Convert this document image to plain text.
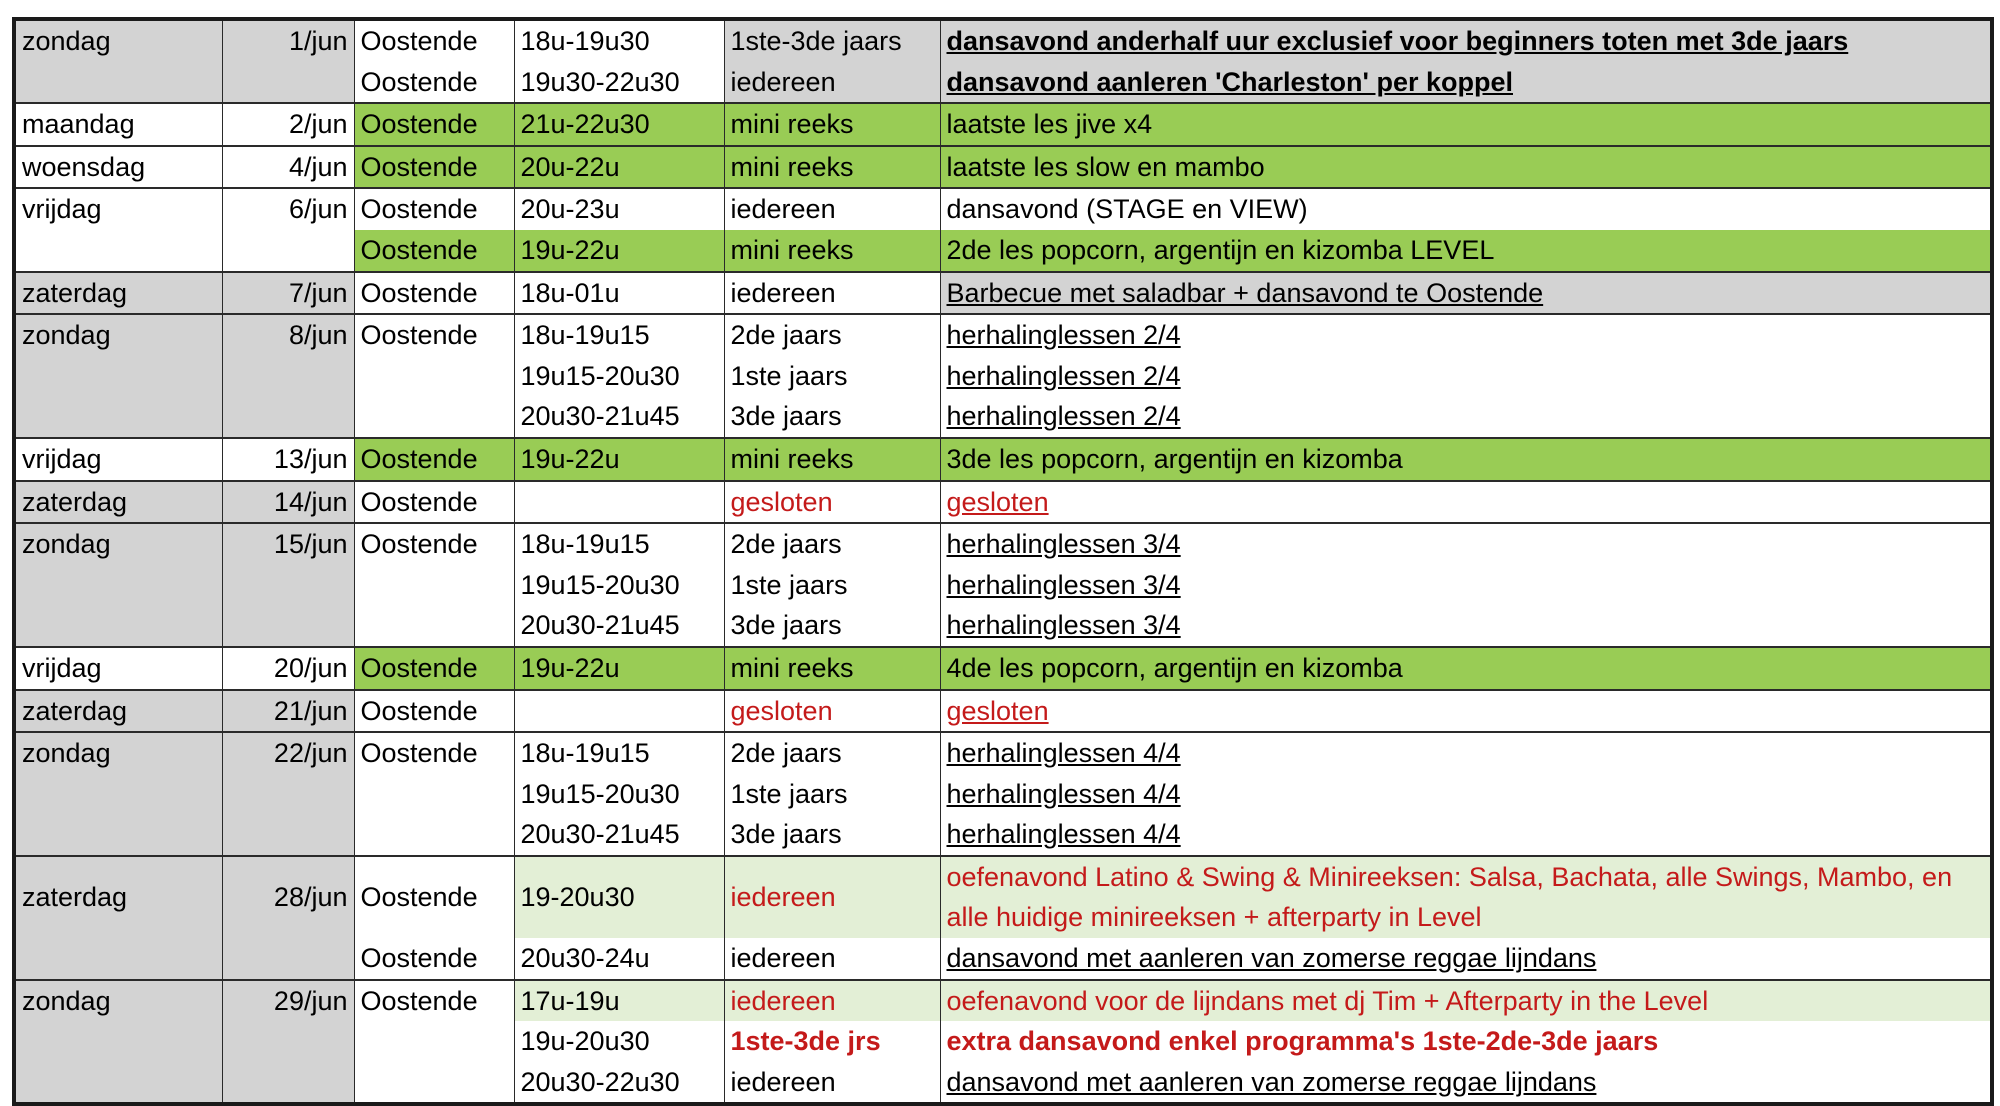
zondag	1/jun	Oostende	18u-19u30	1ste-3de jaars	dansavond anderhalf uur exclusief voor beginners toten met 3de jaars
		Oostende	19u30-22u30	iedereen	dansavond aanleren 'Charleston' per koppel
maandag	2/jun	Oostende	21u-22u30	mini reeks	laatste les jive x4
woensdag	4/jun	Oostende	20u-22u	mini reeks	laatste les slow en mambo
vrijdag	6/jun	Oostende	20u-23u	iedereen	dansavond (STAGE en VIEW)
		Oostende	19u-22u	mini reeks	2de les popcorn, argentijn en kizomba LEVEL
zaterdag	7/jun	Oostende	18u-01u	iedereen	Barbecue met saladbar + dansavond te Oostende
zondag	8/jun	Oostende	18u-19u15	2de jaars	herhalinglessen 2/4
			19u15-20u30	1ste jaars	herhalinglessen 2/4
			20u30-21u45	3de jaars	herhalinglessen 2/4
vrijdag	13/jun	Oostende	19u-22u	mini reeks	3de les popcorn, argentijn en kizomba
zaterdag	14/jun	Oostende		gesloten	gesloten
zondag	15/jun	Oostende	18u-19u15	2de jaars	herhalinglessen 3/4
			19u15-20u30	1ste jaars	herhalinglessen 3/4
			20u30-21u45	3de jaars	herhalinglessen 3/4
vrijdag	20/jun	Oostende	19u-22u	mini reeks	4de les popcorn, argentijn en kizomba
zaterdag	21/jun	Oostende		gesloten	gesloten
zondag	22/jun	Oostende	18u-19u15	2de jaars	herhalinglessen 4/4
			19u15-20u30	1ste jaars	herhalinglessen 4/4
			20u30-21u45	3de jaars	herhalinglessen 4/4
zaterdag	28/jun	Oostende	19-20u30	iedereen	oefenavond Latino & Swing & Minireeksen: Salsa, Bachata, alle Swings, Mambo, en alle huidige minireeksen + afterparty in Level
		Oostende	20u30-24u	iedereen	dansavond met aanleren van zomerse reggae lijndans
zondag	29/jun	Oostende	17u-19u	iedereen	oefenavond voor de lijndans met dj Tim + Afterparty in the Level
			19u-20u30	1ste-3de jrs	extra dansavond enkel programma's 1ste-2de-3de jaars
			20u30-22u30	iedereen	dansavond met aanleren van zomerse reggae lijndans
